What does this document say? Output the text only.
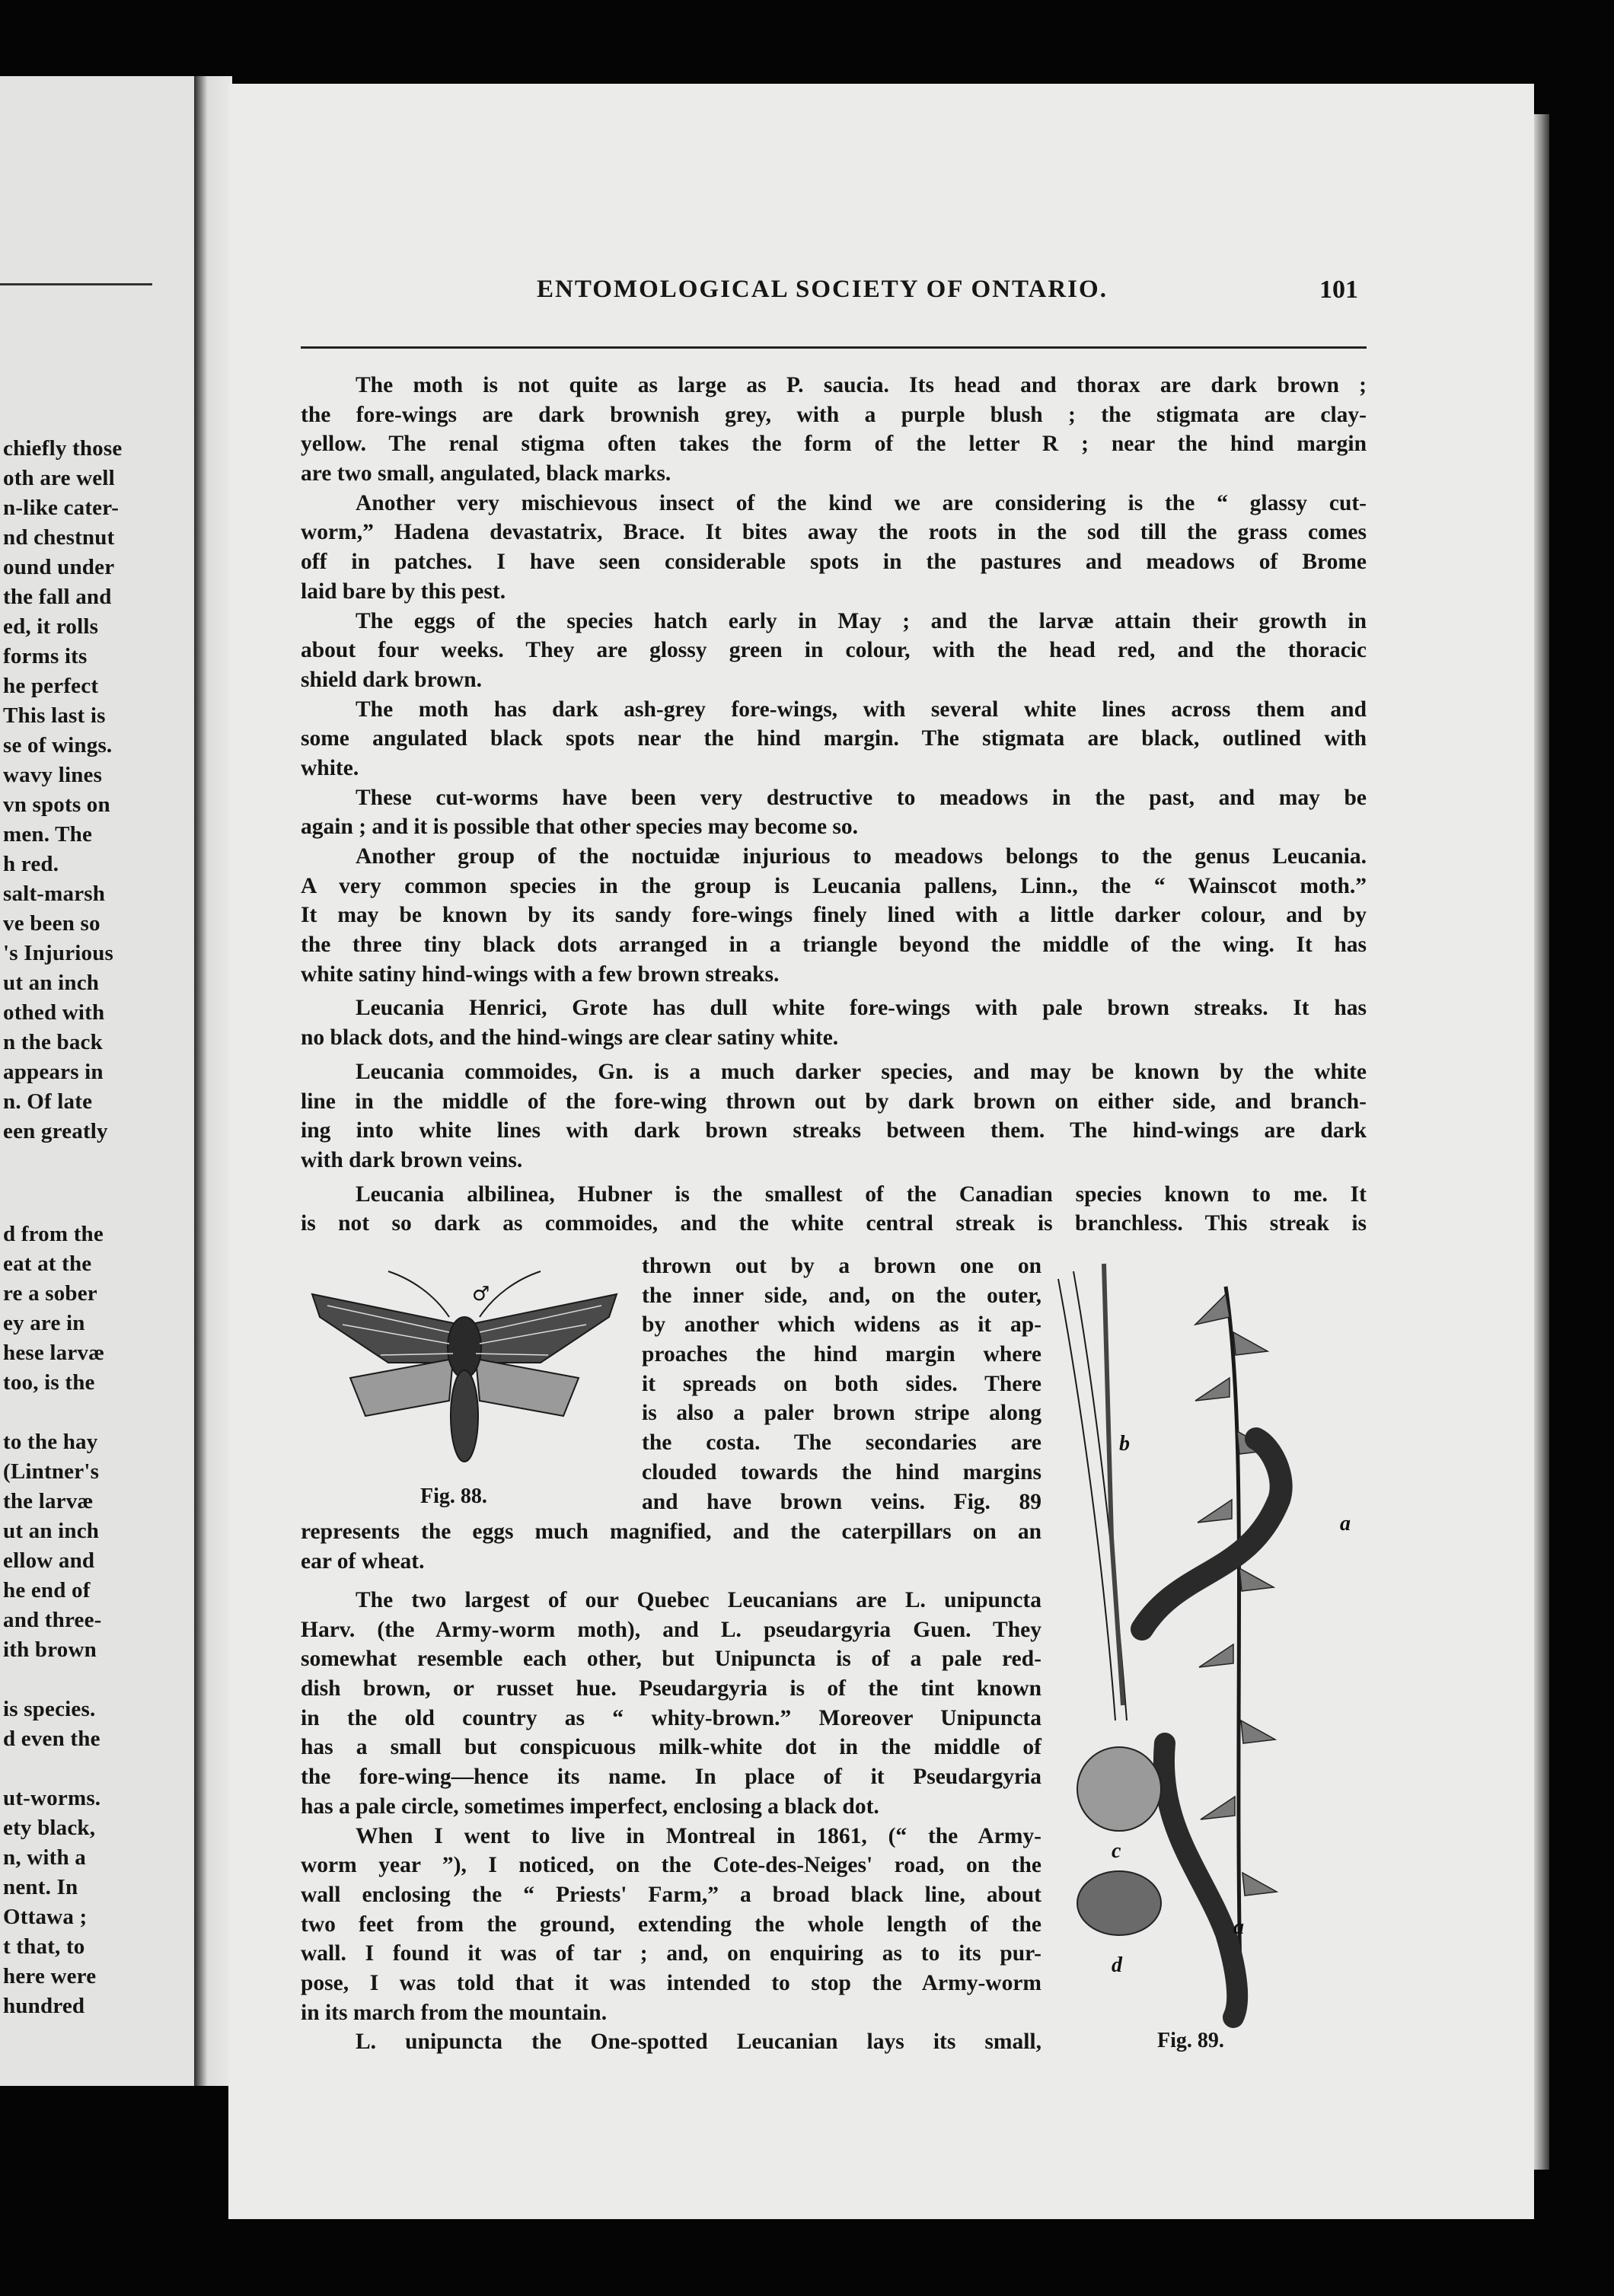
chiefly those
oth are well
n-like cater-
nd chestnut
ound under
the fall and
ed, it rolls
forms its
he perfect
This last is
se of wings.
wavy lines
vn spots on
men. The
h red.
salt-marsh
ve been so
's Injurious
ut an inch
othed with
n the back
appears in
n. Of late
een greatly
d from the
eat at the
re a sober
ey are in
hese larvæ
too, is the
to the hay
(Lintner's
the larvæ
ut an inch
ellow and
he end of
and three-
ith brown
is species.
d even the
ut-worms.
ety black,
n, with a
nent. In
Ottawa ;
t that, to
here were
hundred
ENTOMOLOGICAL SOCIETY OF ONTARIO.	101
The moth is not quite as large as P. saucia. Its head and thorax are dark brown ;
the fore-wings are dark brownish grey, with a purple blush ; the stigmata are clay-
yellow. The renal stigma often takes the form of the letter R ; near the hind margin
are two small, angulated, black marks.
Another very mischievous insect of the kind we are considering is the “ glassy cut-
worm,” Hadena devastatrix, Brace. It bites away the roots in the sod till the grass comes
off in patches. I have seen considerable spots in the pastures and meadows of Brome
laid bare by this pest.
The eggs of the species hatch early in May ; and the larvæ attain their growth in
about four weeks. They are glossy green in colour, with the head red, and the thoracic
shield dark brown.
The moth has dark ash-grey fore-wings, with several white lines across them and
some angulated black spots near the hind margin. The stigmata are black, outlined with
white.
These cut-worms have been very destructive to meadows in the past, and may be
again ; and it is possible that other species may become so.
Another group of the noctuidæ injurious to meadows belongs to the genus Leucania.
A very common species in the group is Leucania pallens, Linn., the “ Wainscot moth.”
It may be known by its sandy fore-wings finely lined with a little darker colour, and by
the three tiny black dots arranged in a triangle beyond the middle of the wing. It has
white satiny hind-wings with a few brown streaks.
Leucania Henrici, Grote has dull white fore-wings with pale brown streaks. It has
no black dots, and the hind-wings are clear satiny white.
Leucania commoides, Gn. is a much darker species, and may be known by the white
line in the middle of the fore-wing thrown out by dark brown on either side, and branch-
ing into white lines with dark brown streaks between them. The hind-wings are dark
with dark brown veins.
Leucania albilinea, Hubner is the smallest of the Canadian species known to me. It
is not so dark as commoides, and the white central streak is branchless. This streak is
thrown out by a brown one on
the inner side, and, on the outer,
by another which widens as it ap-
proaches the hind margin where
it spreads on both sides. There
is also a paler brown stripe along
the costa. The secondaries are
clouded towards the hind margins
and have brown veins. Fig. 89
♂
Fig. 88.
represents the eggs much magnified, and the caterpillars on an
ear of wheat.
The two largest of our Quebec Leucanians are L. unipuncta
Harv. (the Army-worm moth), and L. pseudargyria Guen. They
somewhat resemble each other, but Unipuncta is of a pale red-
dish brown, or russet hue. Pseudargyria is of the tint known
in the old country as “ whity-brown.” Moreover Unipuncta
has a small but conspicuous milk-white dot in the middle of
the fore-wing—hence its name. In place of it Pseudargyria
has a pale circle, sometimes imperfect, enclosing a black dot.
When I went to live in Montreal in 1861, (“ the Army-
worm year ”), I noticed, on the Cote-des-Neiges' road, on the
wall enclosing the “ Priests' Farm,” a broad black line, about
two feet from the ground, extending the whole length of the
wall. I found it was of tar ; and, on enquiring as to its pur-
pose, I was told that it was intended to stop the Army-worm
in its march from the mountain.
L. unipuncta the One-spotted Leucanian lays its small,
a
b
c
d
a
Fig. 89.
